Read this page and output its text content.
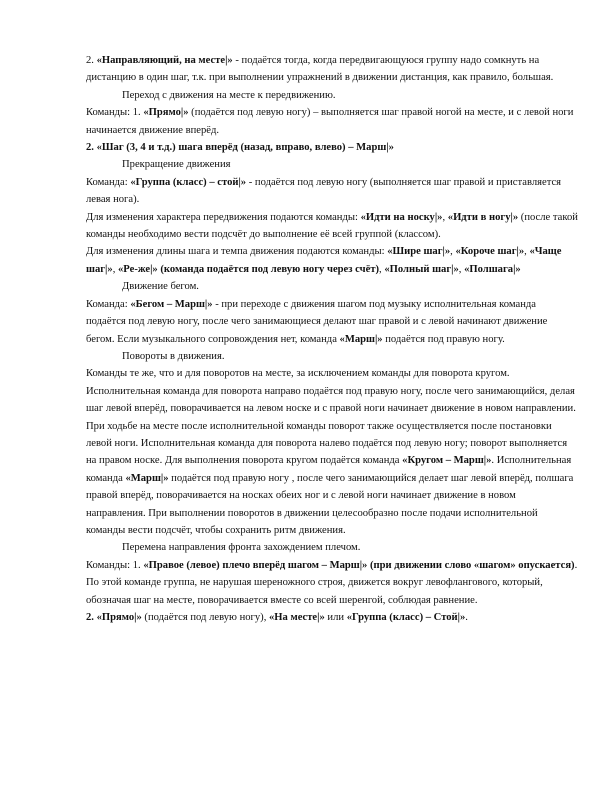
2. «Направляющий, на месте|» - подаётся тогда, когда передвигающуюся группу надо сомкнуть на дистанцию в один шаг, т.к. при выполнении упражнений в движении дистанция, как правило, большая.

Переход с движения на месте к передвижению.

Команды: 1. «Прямо|» (подаётся под левую ногу) – выполняется шаг правой ногой на месте, и с левой ноги начинается движение вперёд.

2. «Шаг (3, 4 и т.д.) шага вперёд (назад, вправо, влево) – Марш|»

Прекращение движения

Команда: «Группа (класс) – стой|» - подаётся под левую ногу (выполняется шаг правой и приставляется левая нога).

Для изменения характера передвижения подаются команды: «Идти на носку|», «Идти в ногу|» (после такой команды необходимо вести подсчёт до выполнение её всей группой (классом).

Для изменения длины шага и темпа движения подаются команды: «Шире шаг|», «Короче шаг|», «Чаще шаг|», «Ре-же|» (команда подаётся под левую ногу через счёт), «Полный шаг|», «Полшага|»

Движение бегом.

Команда: «Бегом – Марш|» - при переходе с движения шагом под музыку исполнительная команда подаётся под левую ногу, после чего занимающиеся делают шаг правой и с левой начинают движение бегом. Если музыкального сопровождения нет, команда «Марш|» подаётся под правую ногу.

Повороты в движения.

Команды те же, что и для поворотов на месте, за исключением команды для поворота кругом. Исполнительная команда для поворота направо подаётся под правую ногу, после чего занимающийся, делая шаг левой вперёд, поворачивается на левом носке и с правой ноги начинает движение в новом направлении. При ходьбе на месте после исполнительной команды поворот также осуществляется после постановки левой ноги. Исполнительная команда для поворота налево подаётся под левую ногу; поворот выполняется на правом носке. Для выполнения поворота кругом подаётся команда «Кругом – Марш|». Исполнительная команда «Марш|» подаётся под правую ногу , после чего занимающийся делает шаг левой вперёд, полшага правой вперёд, поворачивается на носках обеих ног и с левой ноги начинает движение в новом направления. При выполнении поворотов в движении целесообразно после подачи исполнительной команды вести подсчёт, чтобы сохранить ритм движения.

Перемена направления фронта захождением плечом.

Команды: 1. «Правое (левое) плечо вперёд шагом – Марш|» (при движении слово «шагом» опускается). По этой команде группа, не нарушая шереножного строя, движется вокруг левофлангового, который, обозначая шаг на месте, поворачивается вместе со всей шеренгой, соблюдая равнение.

2. «Прямо|» (подаётся под левую ногу), «На месте|» или «Группа (класс) – Стой|».
